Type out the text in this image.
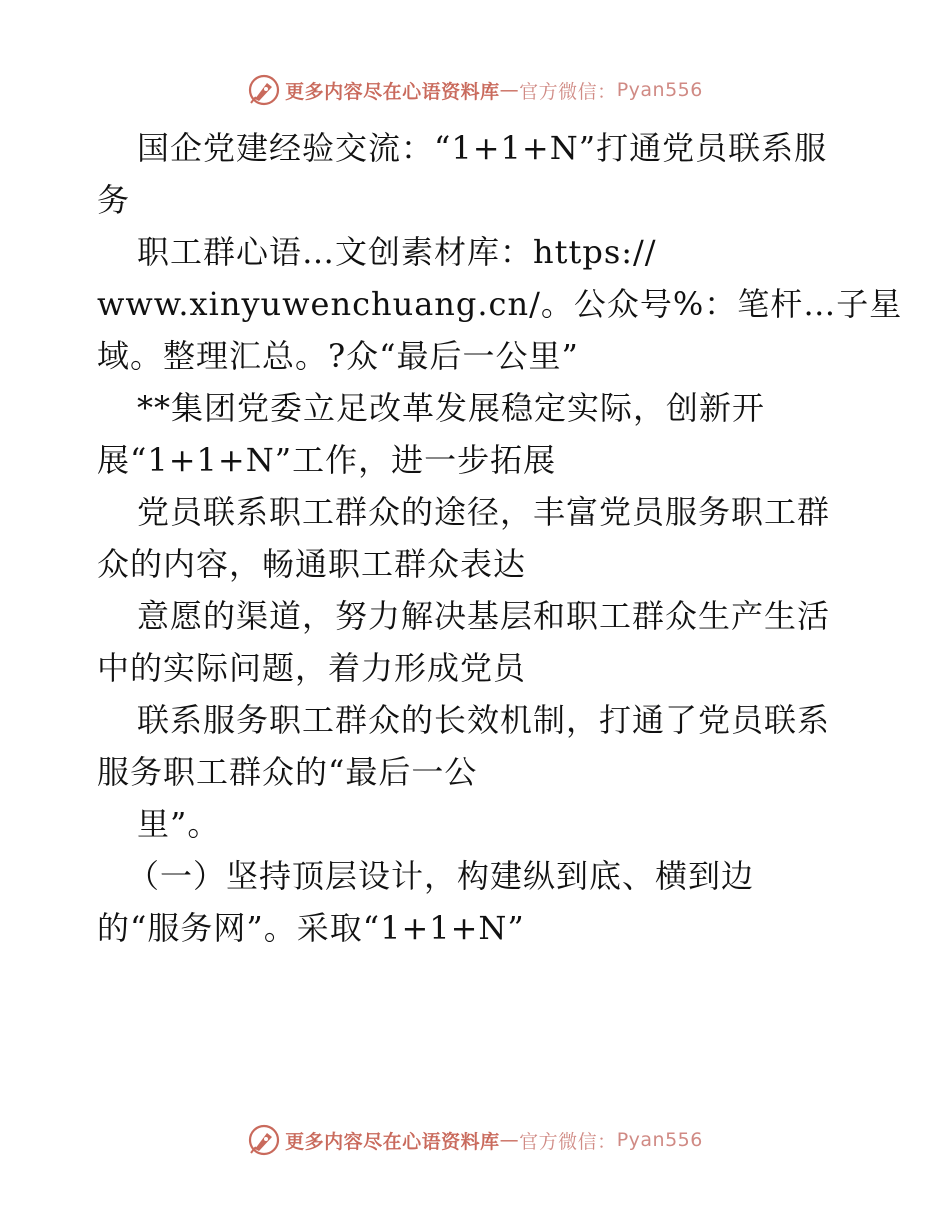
更多内容尽在心语资料库 — 官方微信： Pyan556

国企党建经验交流：“1+1+N”打通党员联系服

务

职工群心语…文创素材库：https://

www.xinyuwenchuang.cn/。公众号%：笔杆…子星

域。整理汇总。?众“最后一公里”

**集团党委立足改革发展稳定实际，创新开

展“1+1+N”工作，进一步拓展

党员联系职工群众的途径，丰富党员服务职工群

众的内容，畅通职工群众表达

意愿的渠道，努力解决基层和职工群众生产生活

中的实际问题，着力形成党员

联系服务职工群众的长效机制，打通了党员联系

服务职工群众的“最后一公

里”。

（一）坚持顶层设计，构建纵到底、横到边

的“服务网”。采取“1+1+N”

更多内容尽在心语资料库 — 官方微信： Pyan556
